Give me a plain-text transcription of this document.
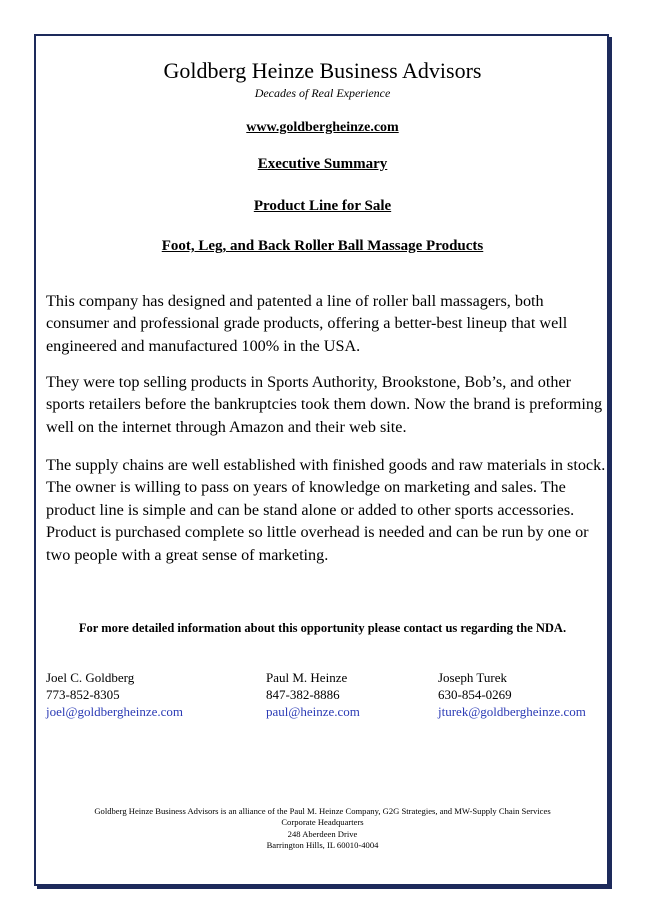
Goldberg Heinze Business Advisors
Decades of Real Experience
www.goldbergheinze.com
Executive Summary
Product Line for Sale
Foot, Leg, and Back Roller Ball Massage Products

This company has designed and patented a line of roller ball massagers, both consumer and professional grade products, offering a better-best lineup that well engineered and manufactured 100% in the USA.

They were top selling products in Sports Authority, Brookstone, Bob’s, and other sports retailers before the bankruptcies took them down. Now the brand is preforming well on the internet through Amazon and their web site.

The supply chains are well established with finished goods and raw materials in stock. The owner is willing to pass on years of knowledge on marketing and sales. The product line is simple and can be stand alone or added to other sports accessories. Product is purchased complete so little overhead is needed and can be run by one or two people with a great sense of marketing.

For more detailed information about this opportunity please contact us regarding the NDA.
Joel C. Goldberg
773-852-8305
joel@goldbergheinze.com
Paul M. Heinze
847-382-8886
paul@heinze.com
Joseph Turek
630-854-0269
jturek@goldbergheinze.com
Goldberg Heinze Business Advisors is an alliance of the Paul M. Heinze Company, G2G Strategies, and MW-Supply Chain Services
Corporate Headquarters
248 Aberdeen Drive
Barrington Hills, IL 60010-4004
